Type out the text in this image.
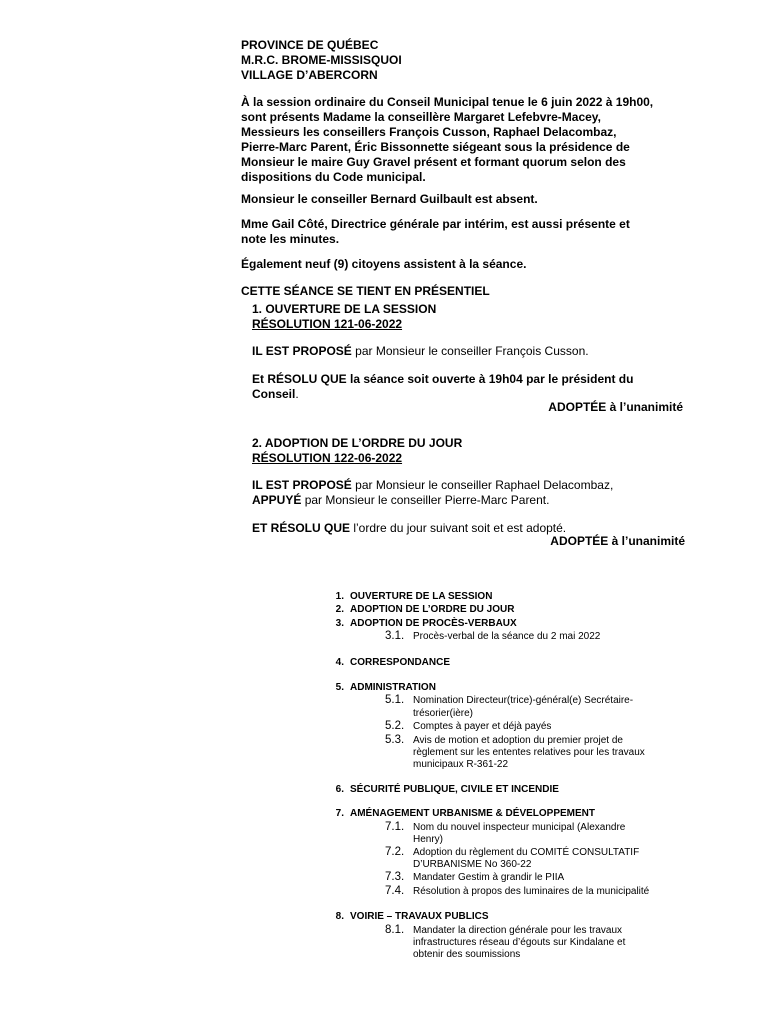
PROVINCE DE QUÉBEC
M.R.C. BROME-MISSISQUOI
VILLAGE D’ABERCORN
À la session ordinaire du Conseil Municipal tenue le 6 juin 2022 à 19h00,
sont présents Madame la conseillère Margaret Lefebvre-Macey,
Messieurs les conseillers François Cusson, Raphael Delacombaz,
Pierre-Marc Parent, Éric Bissonnette siégeant sous la présidence de
Monsieur le maire Guy Gravel présent et formant quorum selon des
dispositions du Code municipal.
Monsieur le conseiller Bernard Guilbault est absent.
Mme Gail Côté, Directrice générale par intérim, est aussi présente et
note les minutes.
Également neuf (9) citoyens assistent à la séance.
CETTE SÉANCE SE TIENT EN PRÉSENTIEL
1. OUVERTURE DE LA SESSION
RÉSOLUTION 121-06-2022
IL EST PROPOSÉ par Monsieur le conseiller François Cusson.
Et RÉSOLU QUE la séance soit ouverte à 19h04 par le président du
Conseil.
ADOPTÉE à l’unanimité
2. ADOPTION DE L’ORDRE DU JOUR
RÉSOLUTION 122-06-2022
IL EST PROPOSÉ par Monsieur le conseiller Raphael Delacombaz,
APPUYÉ par Monsieur le conseiller Pierre-Marc Parent.
ET RÉSOLU QUE l’ordre du jour suivant soit et est adopté.
ADOPTÉE à l’unanimité
1. OUVERTURE DE LA SESSION
2. ADOPTION DE L’ORDRE DU JOUR
3. ADOPTION DE PROCÈS-VERBAUX
3.1. Procès-verbal de la séance du 2 mai 2022
4. CORRESPONDANCE
5. ADMINISTRATION
5.1. Nomination Directeur(trice)-général(e) Secrétaire-
trésorier(ière)
5.2. Comptes à payer et déjà payés
5.3. Avis de motion et adoption du premier projet de
règlement sur les ententes relatives pour les travaux
municipaux R-361-22
6. SÉCURITÉ PUBLIQUE, CIVILE ET INCENDIE
7. AMÉNAGEMENT URBANISME & DÉVELOPPEMENT
7.1. Nom du nouvel inspecteur municipal (Alexandre
Henry)
7.2. Adoption du règlement du COMITÉ CONSULTATIF
D’URBANISME No 360-22
7.3. Mandater Gestim à grandir le PIIA
7.4. Résolution à propos des luminaires de la municipalité
8. VOIRIE – TRAVAUX PUBLICS
8.1. Mandater la direction générale pour les travaux
infrastructures réseau d’égouts sur Kindalane et
obtenir des soumissions
